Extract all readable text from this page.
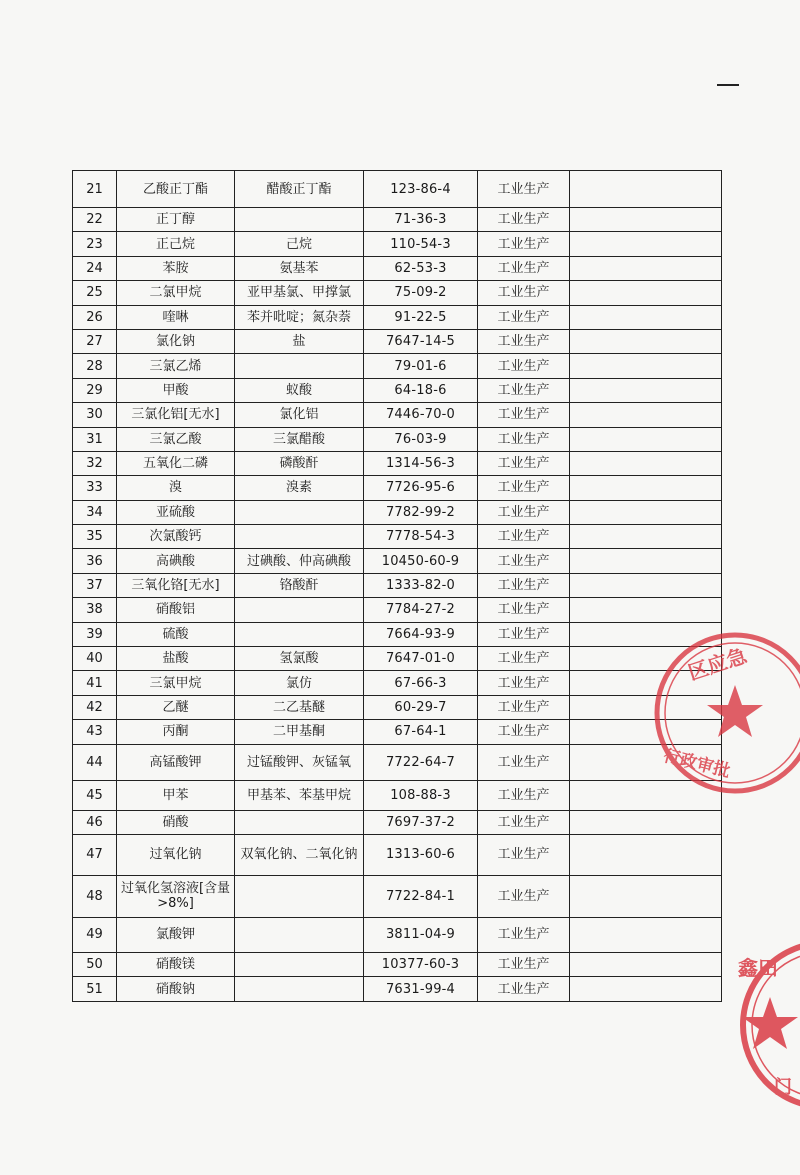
21	乙酸正丁酯	醋酸正丁酯	123-86-4	工业生产	
22	正丁醇		71-36-3	工业生产	
23	正己烷	己烷	110-54-3	工业生产	
24	苯胺	氨基苯	62-53-3	工业生产	
25	二氯甲烷	亚甲基氯、甲撑氯	75-09-2	工业生产	
26	喹啉	苯并吡啶；氮杂萘	91-22-5	工业生产	
27	氯化钠	盐	7647-14-5	工业生产	
28	三氯乙烯		79-01-6	工业生产	
29	甲酸	蚁酸	64-18-6	工业生产	
30	三氯化铝[无水]	氯化铝	7446-70-0	工业生产	
31	三氯乙酸	三氯醋酸	76-03-9	工业生产	
32	五氧化二磷	磷酸酐	1314-56-3	工业生产	
33	溴	溴素	7726-95-6	工业生产	
34	亚硫酸		7782-99-2	工业生产	
35	次氯酸钙		7778-54-3	工业生产	
36	高碘酸	过碘酸、仲高碘酸	10450-60-9	工业生产	
37	三氧化铬[无水]	铬酸酐	1333-82-0	工业生产	
38	硝酸铝		7784-27-2	工业生产	
39	硫酸		7664-93-9	工业生产	
40	盐酸	氢氯酸	7647-01-0	工业生产	
41	三氯甲烷	氯仿	67-66-3	工业生产	
42	乙醚	二乙基醚	60-29-7	工业生产	
43	丙酮	二甲基酮	67-64-1	工业生产	
44	高锰酸钾	过锰酸钾、灰锰氧	7722-64-7	工业生产	
45	甲苯	甲基苯、苯基甲烷	108-88-3	工业生产	
46	硝酸		7697-37-2	工业生产	
47	过氧化钠	双氧化钠、二氧化钠	1313-60-6	工业生产	
48	过氧化氢溶液[含量>8%]		7722-84-1	工业生产	
49	氯酸钾		3811-04-9	工业生产	
50	硝酸镁		10377-60-3	工业生产	
51	硝酸钠		7631-99-4	工业生产	
区应急
行政审批
鑫田
门
